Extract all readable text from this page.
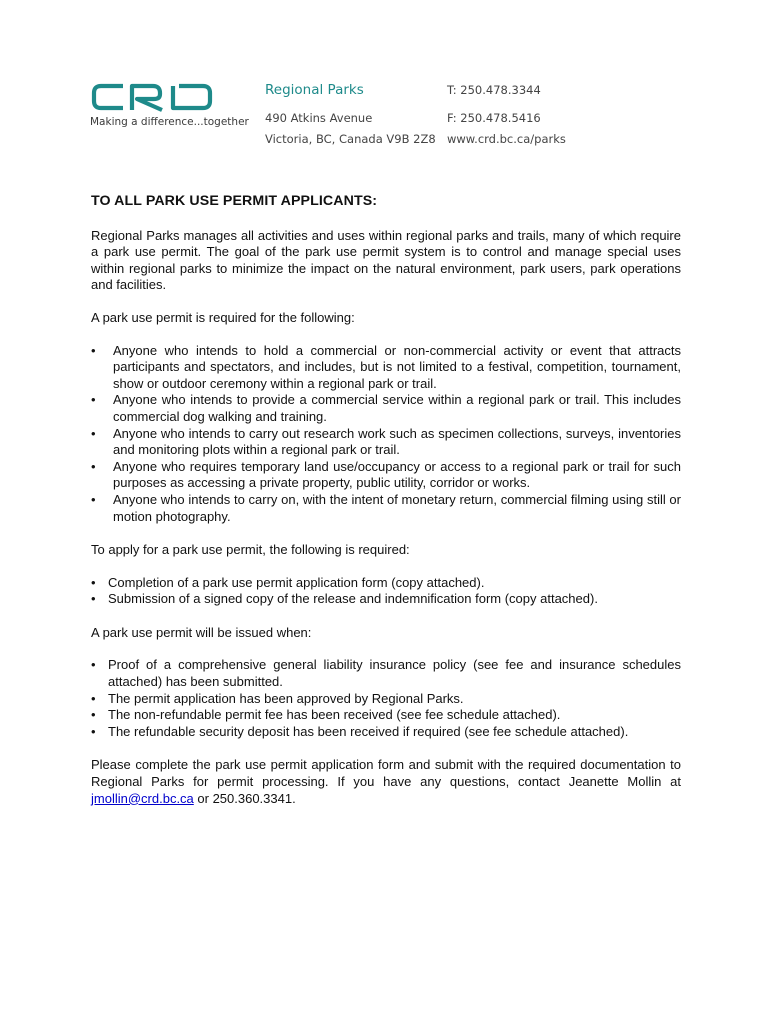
Making a difference...together
Regional Parks
490 Atkins Avenue
Victoria, BC, Canada V9B 2Z8
T: 250.478.3344
F: 250.478.5416
www.crd.bc.ca/parks
TO ALL PARK USE PERMIT APPLICANTS:

Regional Parks manages all activities and uses within regional parks and trails, many of which require a park use permit. The goal of the park use permit system is to control and manage special uses within regional parks to minimize the impact on the natural environment, park users, park operations and facilities.

A park use permit is required for the following:

• Anyone who intends to hold a commercial or non-commercial activity or event that attracts participants and spectators, and includes, but is not limited to a festival, competition, tournament, show or outdoor ceremony within a regional park or trail.
• Anyone who intends to provide a commercial service within a regional park or trail. This includes commercial dog walking and training.
• Anyone who intends to carry out research work such as specimen collections, surveys, inventories and monitoring plots within a regional park or trail.
• Anyone who requires temporary land use/occupancy or access to a regional park or trail for such purposes as accessing a private property, public utility, corridor or works.
• Anyone who intends to carry on, with the intent of monetary return, commercial filming using still or motion photography.

To apply for a park use permit, the following is required:

• Completion of a park use permit application form (copy attached).
• Submission of a signed copy of the release and indemnification form (copy attached).

A park use permit will be issued when:

• Proof of a comprehensive general liability insurance policy (see fee and insurance schedules attached) has been submitted.
• The permit application has been approved by Regional Parks.
• The non-refundable permit fee has been received (see fee schedule attached).
• The refundable security deposit has been received if required (see fee schedule attached).

Please complete the park use permit application form and submit with the required documentation to Regional Parks for permit processing. If you have any questions, contact Jeanette Mollin at jmollin@crd.bc.ca or 250.360.3341.
